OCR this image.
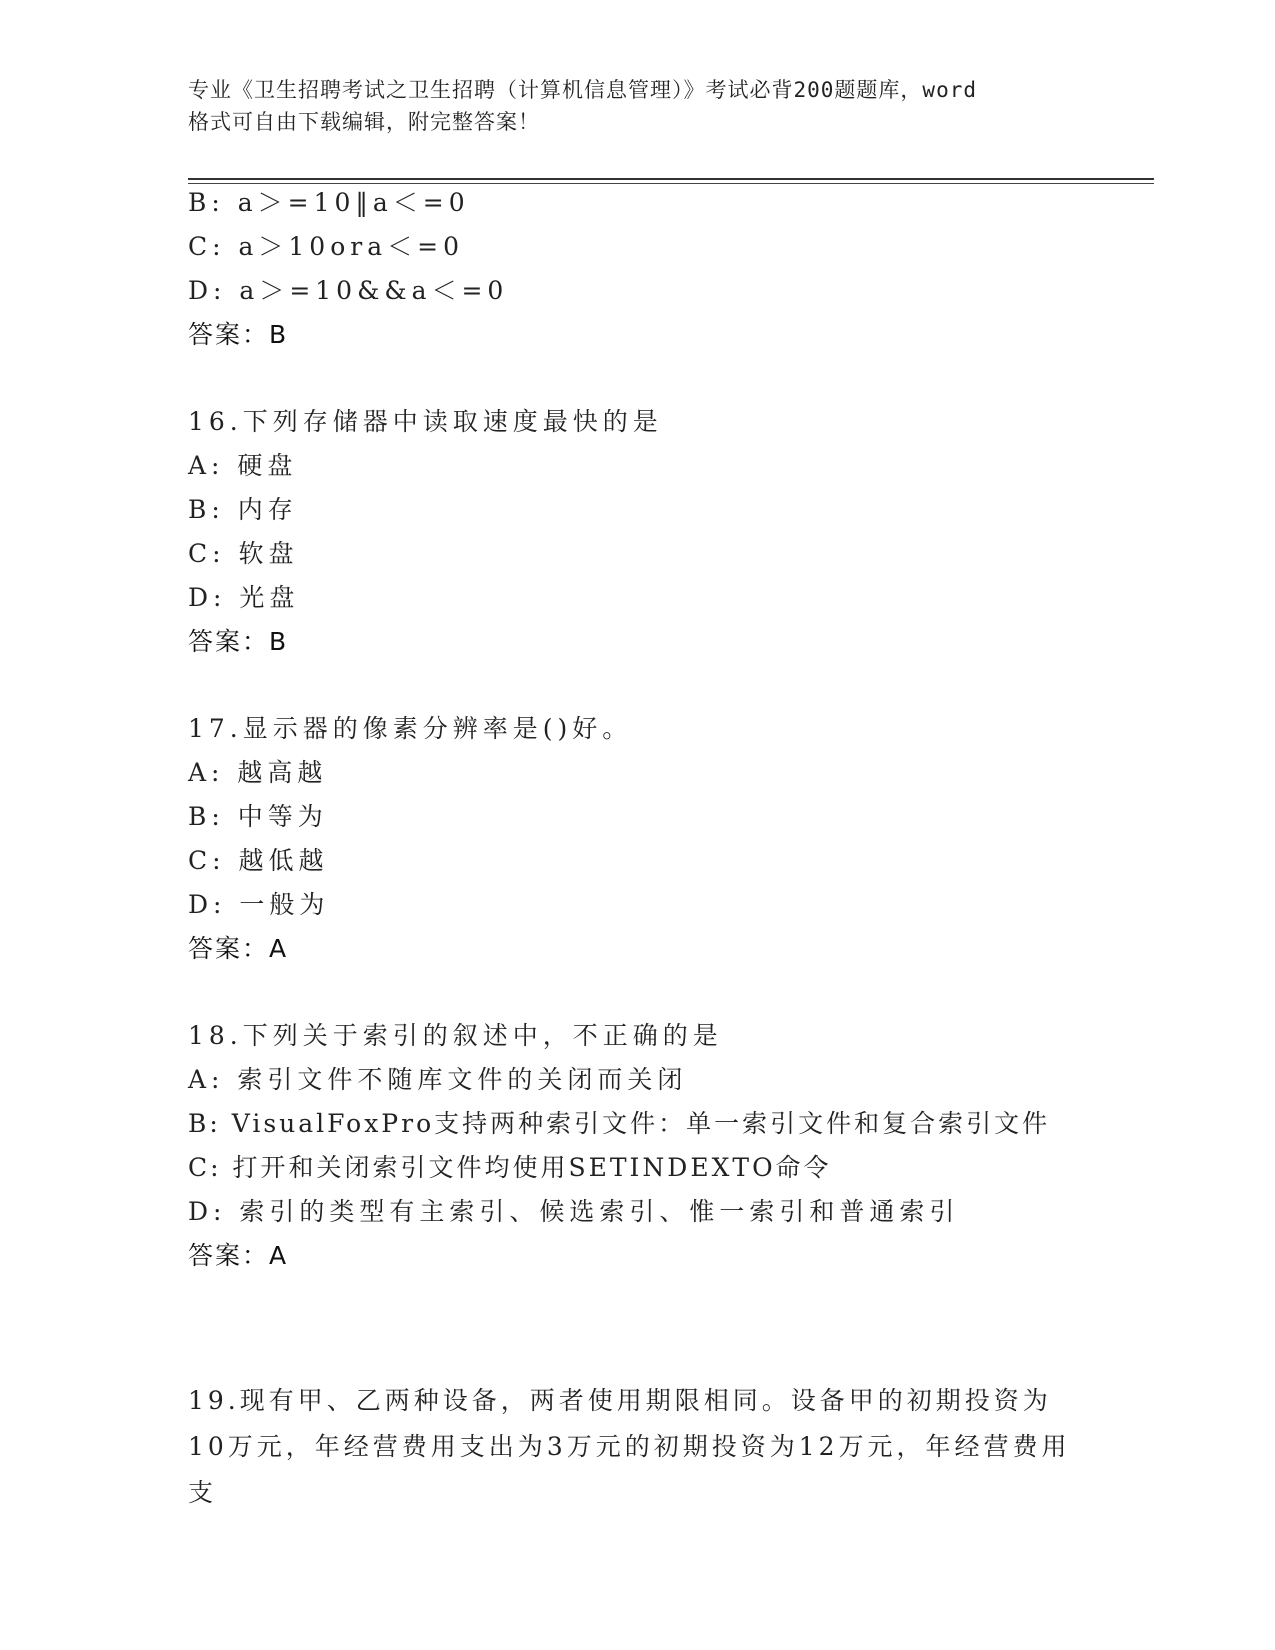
专业《卫生招聘考试之卫生招聘（计算机信息管理）》考试必背200题题库，word
格式可自由下载编辑，附完整答案！
B: a＞=10‖a＜=0
C: a＞10ora＜=0
D: a＞=10&&a＜=0
答案：B
16.下列存储器中读取速度最快的是
A: 硬盘
B: 内存
C: 软盘
D: 光盘
答案：B
17.显示器的像素分辨率是()好。
A: 越高越
B: 中等为
C: 越低越
D: 一般为
答案：A
18.下列关于索引的叙述中，不正确的是
A: 索引文件不随库文件的关闭而关闭
B: VisualFoxPro支持两种索引文件：单一索引文件和复合索引文件
C: 打开和关闭索引文件均使用SETINDEXTO命令
D: 索引的类型有主索引、候选索引、惟一索引和普通索引
答案：A
19.现有甲、乙两种设备，两者使用期限相同。设备甲的初期投资为10万元，年经营费用支出为3万元的初期投资为12万元，年经营费用支
